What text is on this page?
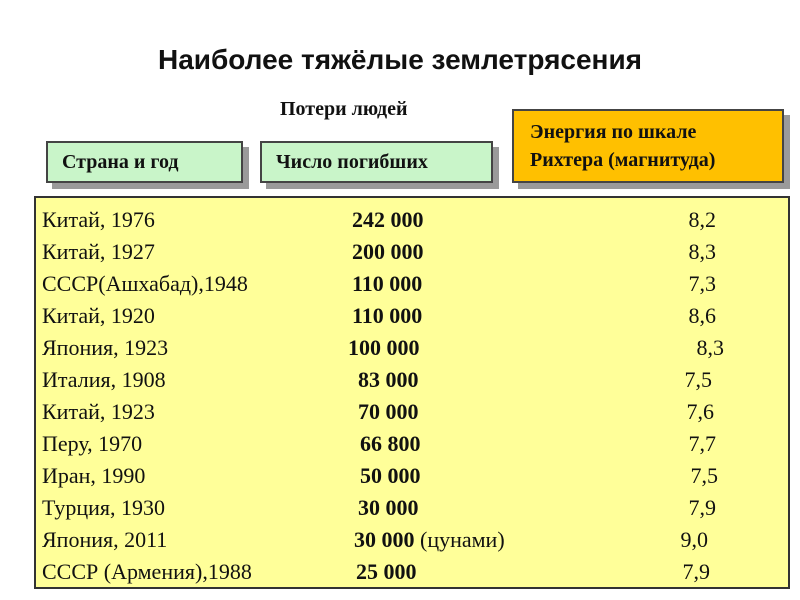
Наиболее тяжёлые землетрясения
Потери людей
Страна и год	Число погибших
Энергия по шкале
Рихтера (магнитуда)
Китай, 1976	242 000	8,2
Китай, 1927	200 000	8,3
СССР(Ашхабад),1948	110 000	7,3
Китай, 1920	110 000	8,6
Япония, 1923	100 000	8,3
Италия, 1908	83 000	7,5
Китай, 1923	70 000	7,6
Перу, 1970	66 800	7,7
Иран, 1990	50 000	7,5
Турция, 1930	30 000	7,9
Япония, 2011	30 000 (цунами)	9,0
СССР (Армения),1988	25 000	7,9
